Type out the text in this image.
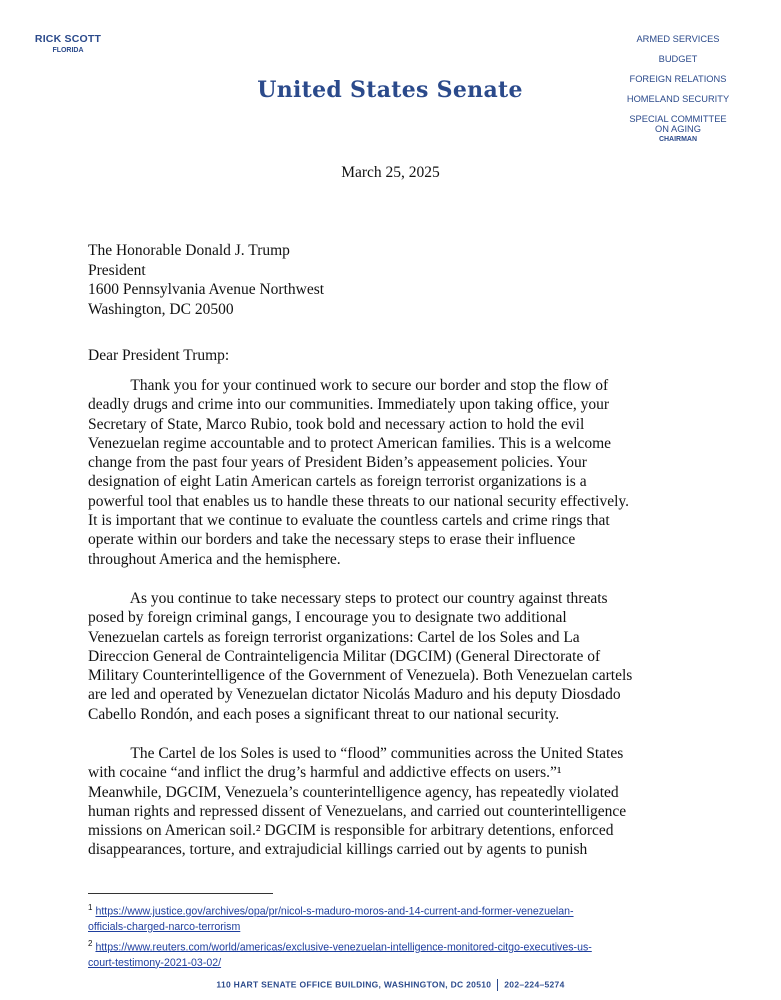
RICK SCOTT
FLORIDA
United States Senate
ARMED SERVICES
BUDGET
FOREIGN RELATIONS
HOMELAND SECURITY
SPECIAL COMMITTEE
ON AGING
CHAIRMAN
March 25, 2025
The Honorable Donald J. Trump
President
1600 Pennsylvania Avenue Northwest
Washington, DC 20500
Dear President Trump:

Thank you for your continued work to secure our border and stop the flow of

deadly drugs and crime into our communities. Immediately upon taking office, your

Secretary of State, Marco Rubio, took bold and necessary action to hold the evil

Venezuelan regime accountable and to protect American families. This is a welcome

change from the past four years of President Biden’s appeasement policies. Your

designation of eight Latin American cartels as foreign terrorist organizations is a

powerful tool that enables us to handle these threats to our national security effectively.

It is important that we continue to evaluate the countless cartels and crime rings that

operate within our borders and take the necessary steps to erase their influence

throughout America and the hemisphere.

As you continue to take necessary steps to protect our country against threats

posed by foreign criminal gangs, I encourage you to designate two additional

Venezuelan cartels as foreign terrorist organizations: Cartel de los Soles and La

Direccion General de Contrainteligencia Militar (DGCIM) (General Directorate of

Military Counterintelligence of the Government of Venezuela). Both Venezuelan cartels

are led and operated by Venezuelan dictator Nicolás Maduro and his deputy Diosdado

Cabello Rondón, and each poses a significant threat to our national security.

The Cartel de los Soles is used to “flood” communities across the United States

with cocaine “and inflict the drug’s harmful and addictive effects on users.”¹

Meanwhile, DGCIM, Venezuela’s counterintelligence agency, has repeatedly violated

human rights and repressed dissent of Venezuelans, and carried out counterintelligence

missions on American soil.² DGCIM is responsible for arbitrary detentions, enforced

disappearances, torture, and extrajudicial killings carried out by agents to punish

$^1$ https://www.justice.gov/archives/opa/pr/nicol-s-maduro-moros-and-14-current-and-former-venezuelan-
officials-charged-narco-terrorism
$^2$ https://www.reuters.com/world/americas/exclusive-venezuelan-intelligence-monitored-citgo-executives-us-
court-testimony-2021-03-02/
110 HART SENATE OFFICE BUILDING, WASHINGTON, DC 20510 202–224–5274
